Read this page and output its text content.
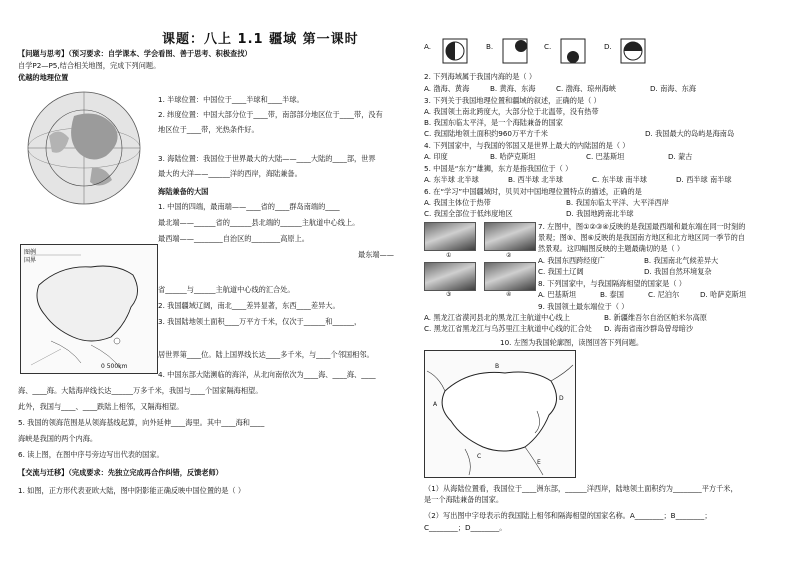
课题：八上 1.1 疆域 第一课时
【问题与思考】（预习要求：自学课本、学会看图、善于思考、积极查找）
自学P2—P5,结合相关地图，完成下列问题。
优越的地理位置
1. 半球位置：中国位于____半球和____半球。
2. 纬度位置：中国大部分位于____带，南部部分地区位于____带，没有
地区位于____带，光热条件好。
3. 海陆位置：我国位于世界最大的大陆——____大陆的____部，世界
最大的大洋——______洋的西岸，海陆兼备。
海陆兼备的大国
1. 中国的四端，最南端——____省的____群岛南端的____
最北端——______省的______县北端的______主航道中心线上。
最西端——________自治区的________高原上。
最东端——
图例
国界
0 500km
省______与______主航道中心线的汇合处。
2. 我国疆域辽阔，南北____差异显著，东西____差异大。
3. 我国陆地领土面积____万平方千米，仅次于______和______，
居世界第____位。陆上国界线长达____多千米，与____个邻国相邻。
4. 中国东部大陆濒临的海洋，从北向南依次为____海、____海、____
海、____海。大陆海岸线长达______万多千米，我国与____个国家隔海相望。
此外，我国与____、____跌陆上相邻，又隔海相望。
5. 我国的领海范围是从领海基线起算，向外延伸____海里。其中____海和____
海峡是我国的两个内海。
6. 读上图，在图中序号旁边写出代表的国家。
【交流与迁移】（完成要求：先独立完成再合作纠错，反馈老师）
1. 如图，正方形代表亚欧大陆，图中阴影能正确反映中国位置的是（ ）
A.	B.	C.	D.
2. 下列海域属于我国内海的是（ ）
A. 渤海、黄海	B. 黄海、东海	C. 渤海、琼州海峡	D. 南海、东海
3. 下列关于我国地理位置和疆域的叙述，正确的是（ ）
A. 我国领土南北跨度大，大部分位于北温带，没有热带
B. 我国东临太平洋，是一个海陆兼备的国家
C. 我国陆地领土面积约960万平方千米	D. 我国最大的岛屿是海南岛
4. 下列国家中，与我国的邻国又是世界上最大的内陆国的是（ ）
A. 印度	B. 哈萨克斯坦	C. 巴基斯坦	D. 蒙古
5. 中国是“东方”雄狮，东方是指我国位于（ ）
A. 东半球 北半球	B. 西半球 北半球	C. 东半球 南半球	D. 西半球 南半球
6. 在“学习”中国疆域时，贝贝对中国地理位置特点的描述，正确的是
A. 我国主体位于热带	B. 我国东临太平洋、大平洋西岸
C. 我国全部位于低纬度地区	D. 我国地跨南北半球
①	②
③	④
7. 左图中，图①②③④反映的是我国最西端和最东端在同一时刻的
景观；图⑤、图⑥反映的是我国南方地区和北方地区同一季节的自
然景观。这四幅图反映的主题最确切的是（ ）
A. 我国东西跨经度广	B. 我国南北气候差异大
C. 我国土辽阔	D. 我国自然环境复杂
8. 下列国家中，与我国隔海相望的国家是（ ）
A. 巴基斯坦	B. 泰国	C. 尼泊尔	D. 哈萨克斯坦
9. 我国领土最东端位于（ ）
A. 黑龙江省漠河县北的黑龙江主航道中心线上	B. 新疆维吾尔自治区帕米尔高原
C. 黑龙江省黑龙江与乌苏里江主航道中心线的汇合处 D. 海南省南沙群岛曾母暗沙
10. 左图为我国轮廓图，读图回答下列问题。
A
B
C
D
E
（1）从海陆位置看，我国位于____洲东部，______洋西岸，陆地领土面积约为________平方千米，
是一个海陆兼备的国家。
（2）写出图中字母表示的我国陆上相邻和隔海相望的国家名称。A________；B________；
C________；D________。
